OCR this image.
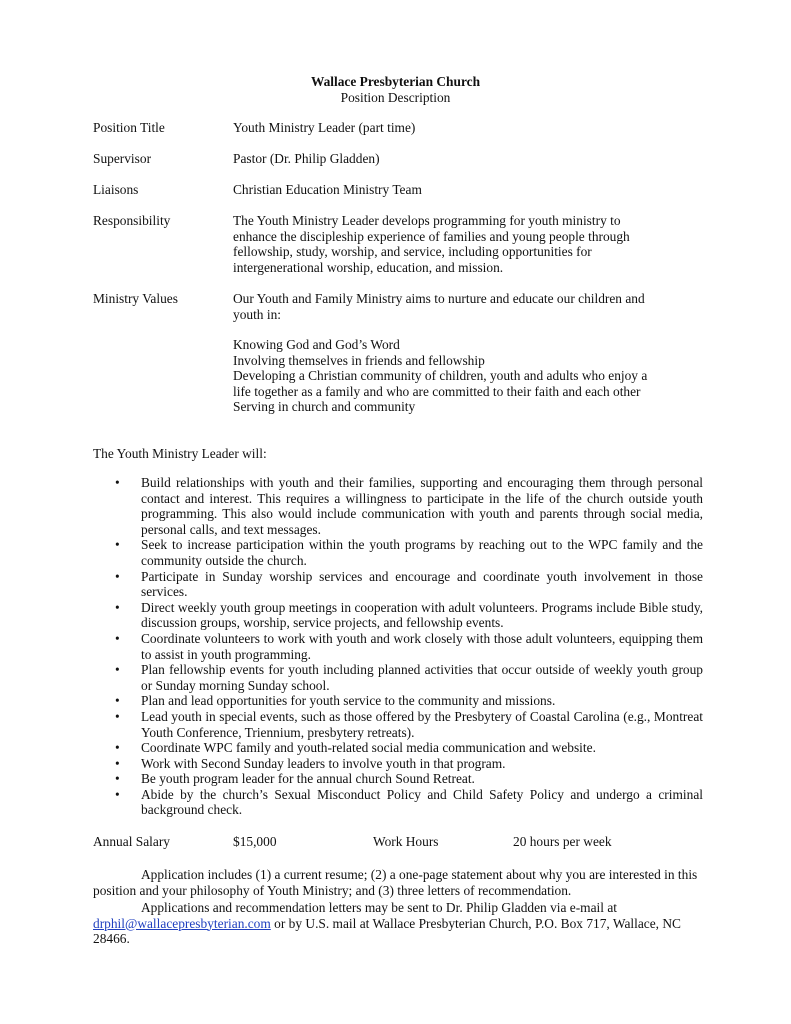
Wallace Presbyterian Church
Position Description
Position Title	Youth Ministry Leader (part time)
Supervisor	Pastor (Dr. Philip Gladden)
Liaisons	Christian Education Ministry Team
Responsibility	The Youth Ministry Leader develops programming for youth ministry to enhance the discipleship experience of families and young people through fellowship, study, worship, and service, including opportunities for intergenerational worship, education, and mission.
Ministry Values	Our Youth and Family Ministry aims to nurture and educate our children and youth in:
Knowing God and God’s Word
Involving themselves in friends and fellowship
Developing a Christian community of children, youth and adults who enjoy a life together as a family and who are committed to their faith and each other
Serving in church and community
The Youth Ministry Leader will:
• Build relationships with youth and their families, supporting and encouraging them through personal contact and interest. This requires a willingness to participate in the life of the church outside youth programming. This also would include communication with youth and parents through social media, personal calls, and text messages.
• Seek to increase participation within the youth programs by reaching out to the WPC family and the community outside the church.
• Participate in Sunday worship services and encourage and coordinate youth involvement in those services.
• Direct weekly youth group meetings in cooperation with adult volunteers. Programs include Bible study, discussion groups, worship, service projects, and fellowship events.
• Coordinate volunteers to work with youth and work closely with those adult volunteers, equipping them to assist in youth programming.
• Plan fellowship events for youth including planned activities that occur outside of weekly youth group or Sunday morning Sunday school.
• Plan and lead opportunities for youth service to the community and missions.
• Lead youth in special events, such as those offered by the Presbytery of Coastal Carolina (e.g., Montreat Youth Conference, Triennium, presbytery retreats).
• Coordinate WPC family and youth-related social media communication and website.
• Work with Second Sunday leaders to involve youth in that program.
• Be youth program leader for the annual church Sound Retreat.
• Abide by the church’s Sexual Misconduct Policy and Child Safety Policy and undergo a criminal background check.
Annual Salary	$15,000	Work Hours	20 hours per week
Application includes (1) a current resume; (2) a one-page statement about why you are interested in this position and your philosophy of Youth Ministry; and (3) three letters of recommendation.
Applications and recommendation letters may be sent to Dr. Philip Gladden via e-mail at drphil@wallacepresbyterian.com or by U.S. mail at Wallace Presbyterian Church, P.O. Box 717, Wallace, NC 28466.
